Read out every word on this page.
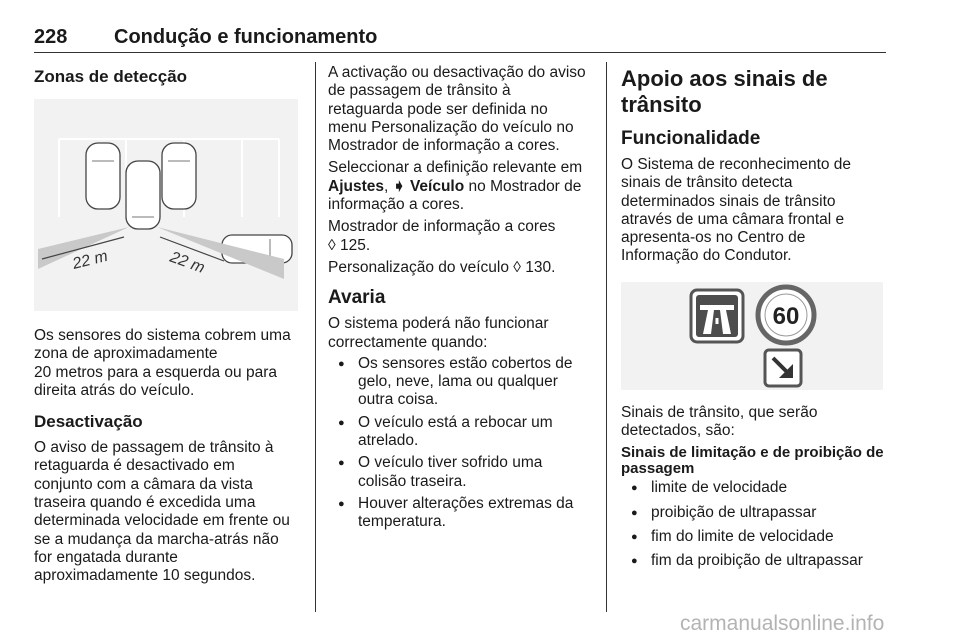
228 Condução e funcionamento
Zonas de detecção
22 m	22 m

Os sensores do sistema cobrem uma
zona de aproximadamente
20 metros para a esquerda ou para
direita atrás do veículo.

Desactivação

O aviso de passagem de trânsito à
retaguarda é desactivado em
conjunto com a câmara da vista
traseira quando é excedida uma
determinada velocidade em frente ou
se a mudança da marcha-atrás não
for engatada durante
aproximadamente 10 segundos.

A activação ou desactivação do aviso
de passagem de trânsito à
retaguarda pode ser definida no
menu Personalização do veículo no
Mostrador de informação a cores.

Seleccionar a definição relevante em
Ajustes, ➧ Veículo no Mostrador de
informação a cores.

Mostrador de informação a cores
◊ 125.

Personalização do veículo ◊ 130.

Avaria

O sistema poderá não funcionar
correctamente quando:

● Os sensores estão cobertos de
gelo, neve, lama ou qualquer
outra coisa.
● O veículo está a rebocar um
atrelado.
● O veículo tiver sofrido uma
colisão traseira.
● Houver alterações extremas da
temperatura.
Apoio aos sinais de trânsito
Funcionalidade

O Sistema de reconhecimento de
sinais de trânsito detecta
determinados sinais de trânsito
através de uma câmara frontal e
apresenta-os no Centro de
Informação do Condutor.

60

Sinais de trânsito, que serão
detectados, são:

Sinais de limitação e de proibição de
passagem

● limite de velocidade
● proibição de ultrapassar
● fim do limite de velocidade
● fim da proibição de ultrapassar
carmanualsonline.info
